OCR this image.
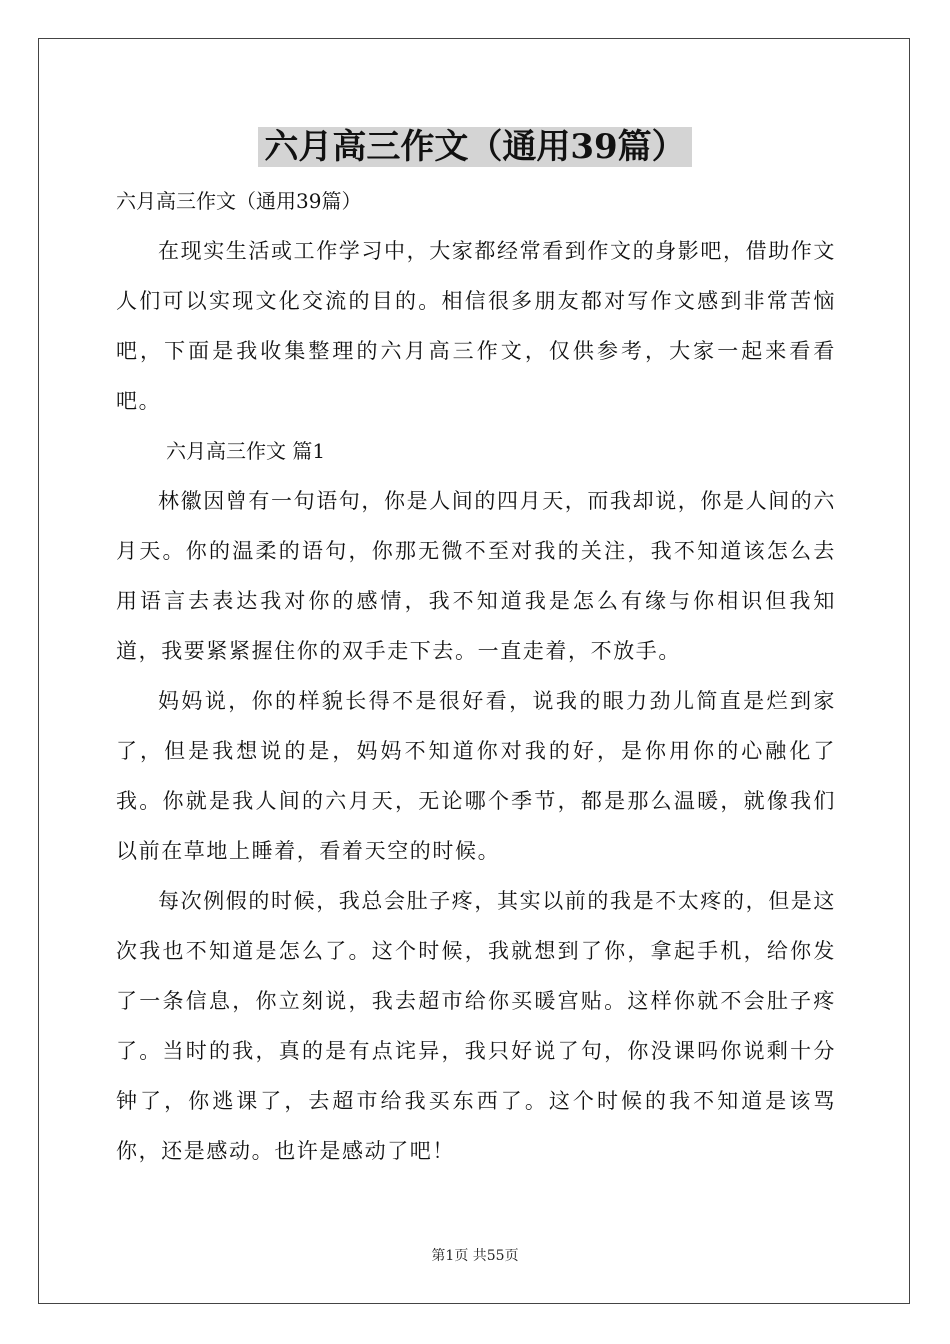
六月高三作文（通用39篇）

六月高三作文（通用39篇）

在现实生活或工作学习中，大家都经常看到作文的身影吧，借助作文人们可以实现文化交流的目的。相信很多朋友都对写作文感到非常苦恼吧，下面是我收集整理的六月高三作文，仅供参考，大家一起来看看吧。

六月高三作文 篇1

林徽因曾有一句语句，你是人间的四月天，而我却说，你是人间的六月天。你的温柔的语句，你那无微不至对我的关注，我不知道该怎么去用语言去表达我对你的感情，我不知道我是怎么有缘与你相识但我知道，我要紧紧握住你的双手走下去。一直走着，不放手。

妈妈说，你的样貌长得不是很好看，说我的眼力劲儿简直是烂到家了，但是我想说的是，妈妈不知道你对我的好，是你用你的心融化了我。你就是我人间的六月天，无论哪个季节，都是那么温暖，就像我们以前在草地上睡着，看着天空的时候。

每次例假的时候，我总会肚子疼，其实以前的我是不太疼的，但是这次我也不知道是怎么了。这个时候，我就想到了你，拿起手机，给你发了一条信息，你立刻说，我去超市给你买暖宫贴。这样你就不会肚子疼了。当时的我，真的是有点诧异，我只好说了句，你没课吗你说剩十分钟了，你逃课了，去超市给我买东西了。这个时候的我不知道是该骂你，还是感动。也许是感动了吧！

第1页 共55页
